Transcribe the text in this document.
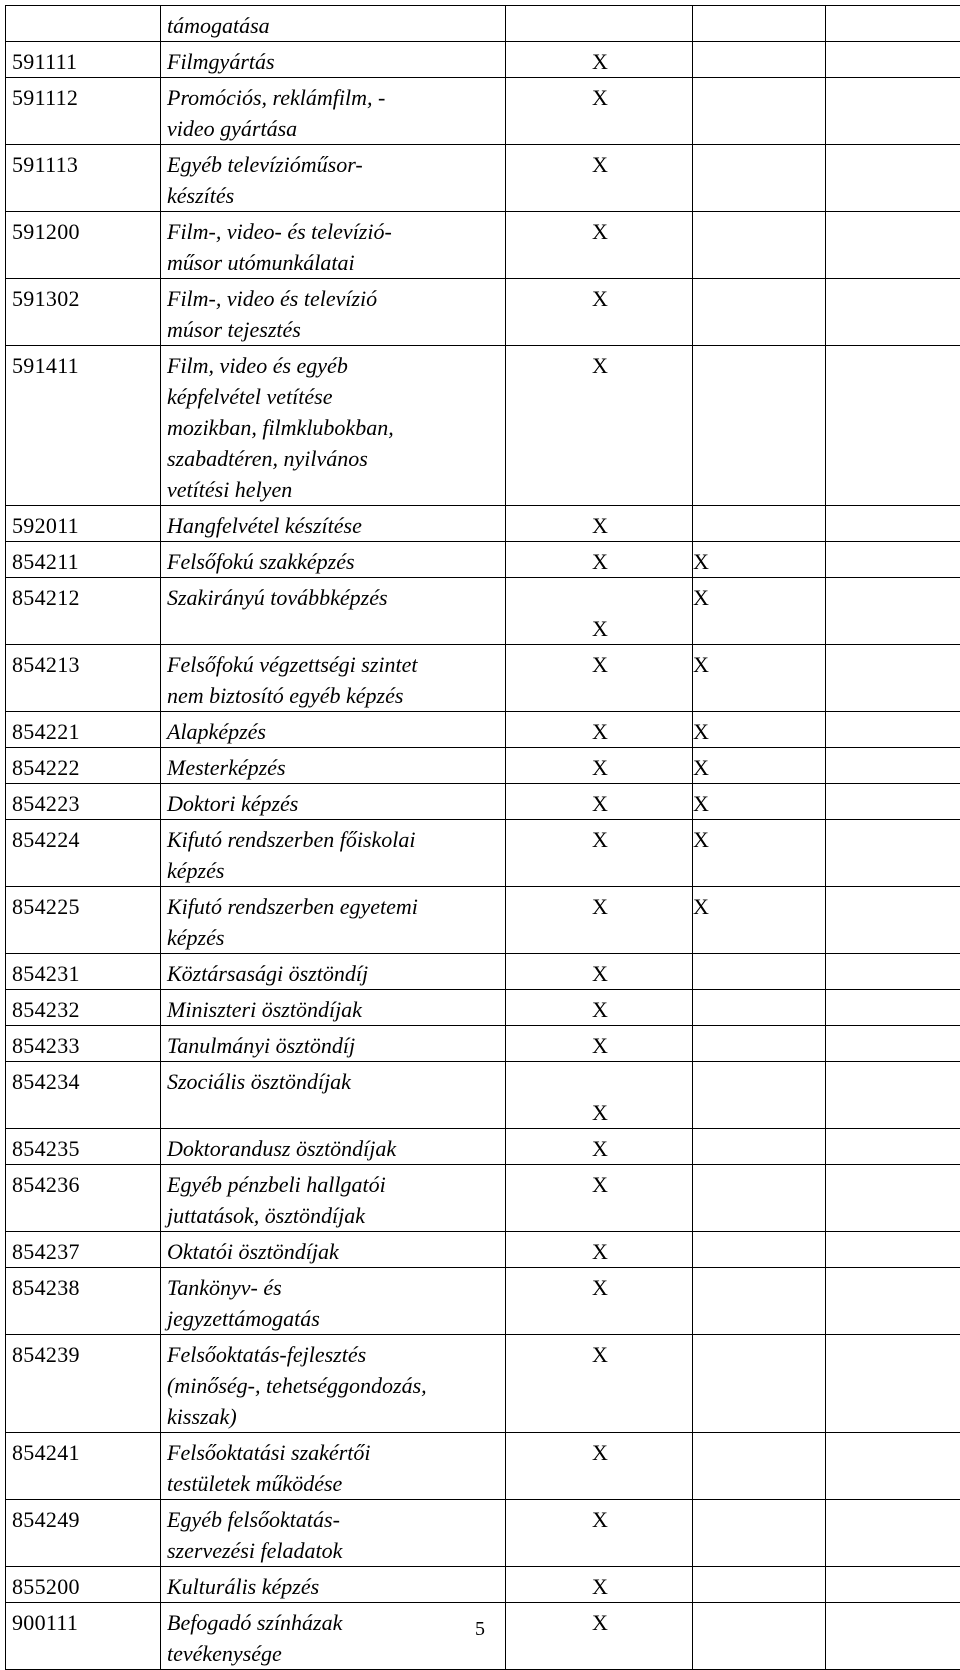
	támogatása			

591111	Filmgyártás	X		
591112	Promóciós, reklámfilm, -
video gyártása	X		
591113	Egyéb televízióműsor-
készítés	X		
591200	Film-, video- és televízió-
műsor utómunkálatai	X		
591302	Film-, video és televízió
músor tejesztés	X		
591411	Film, video és egyéb
képfelvétel vetítése
mozikban, filmklubokban,
szabadtéren, nyilvános
vetítési helyen	X		
592011	Hangfelvétel készítése	X		
854211	Felsőfokú szakképzés	X	X	
854212	Szakirányú továbbképzés	X	X	
854213	Felsőfokú végzettségi szintet
nem biztosító egyéb képzés	X	X	
854221	Alapképzés	X	X	
854222	Mesterképzés	X	X	
854223	Doktori képzés	X	X	
854224	Kifutó rendszerben főiskolai
képzés	X	X	
854225	Kifutó rendszerben egyetemi
képzés	X	X	
854231	Köztársasági ösztöndíj	X		
854232	Miniszteri ösztöndíjak	X		
854233	Tanulmányi ösztöndíj	X		
854234	Szociális ösztöndíjak	X		
854235	Doktorandusz ösztöndíjak	X		
854236	Egyéb pénzbeli hallgatói
juttatások, ösztöndíjak	X		
854237	Oktatói ösztöndíjak	X		
854238	Tankönyv- és
jegyzettámogatás	X		
854239	Felsőoktatás-fejlesztés
(minőség-, tehetséggondozás,
kisszak)	X		
854241	Felsőoktatási szakértői
testületek működése	X		
854249	Egyéb felsőoktatás-
szervezési feladatok	X		
855200	Kulturális képzés	X		
900111	Befogadó színházak
tevékenysége	X		
5
